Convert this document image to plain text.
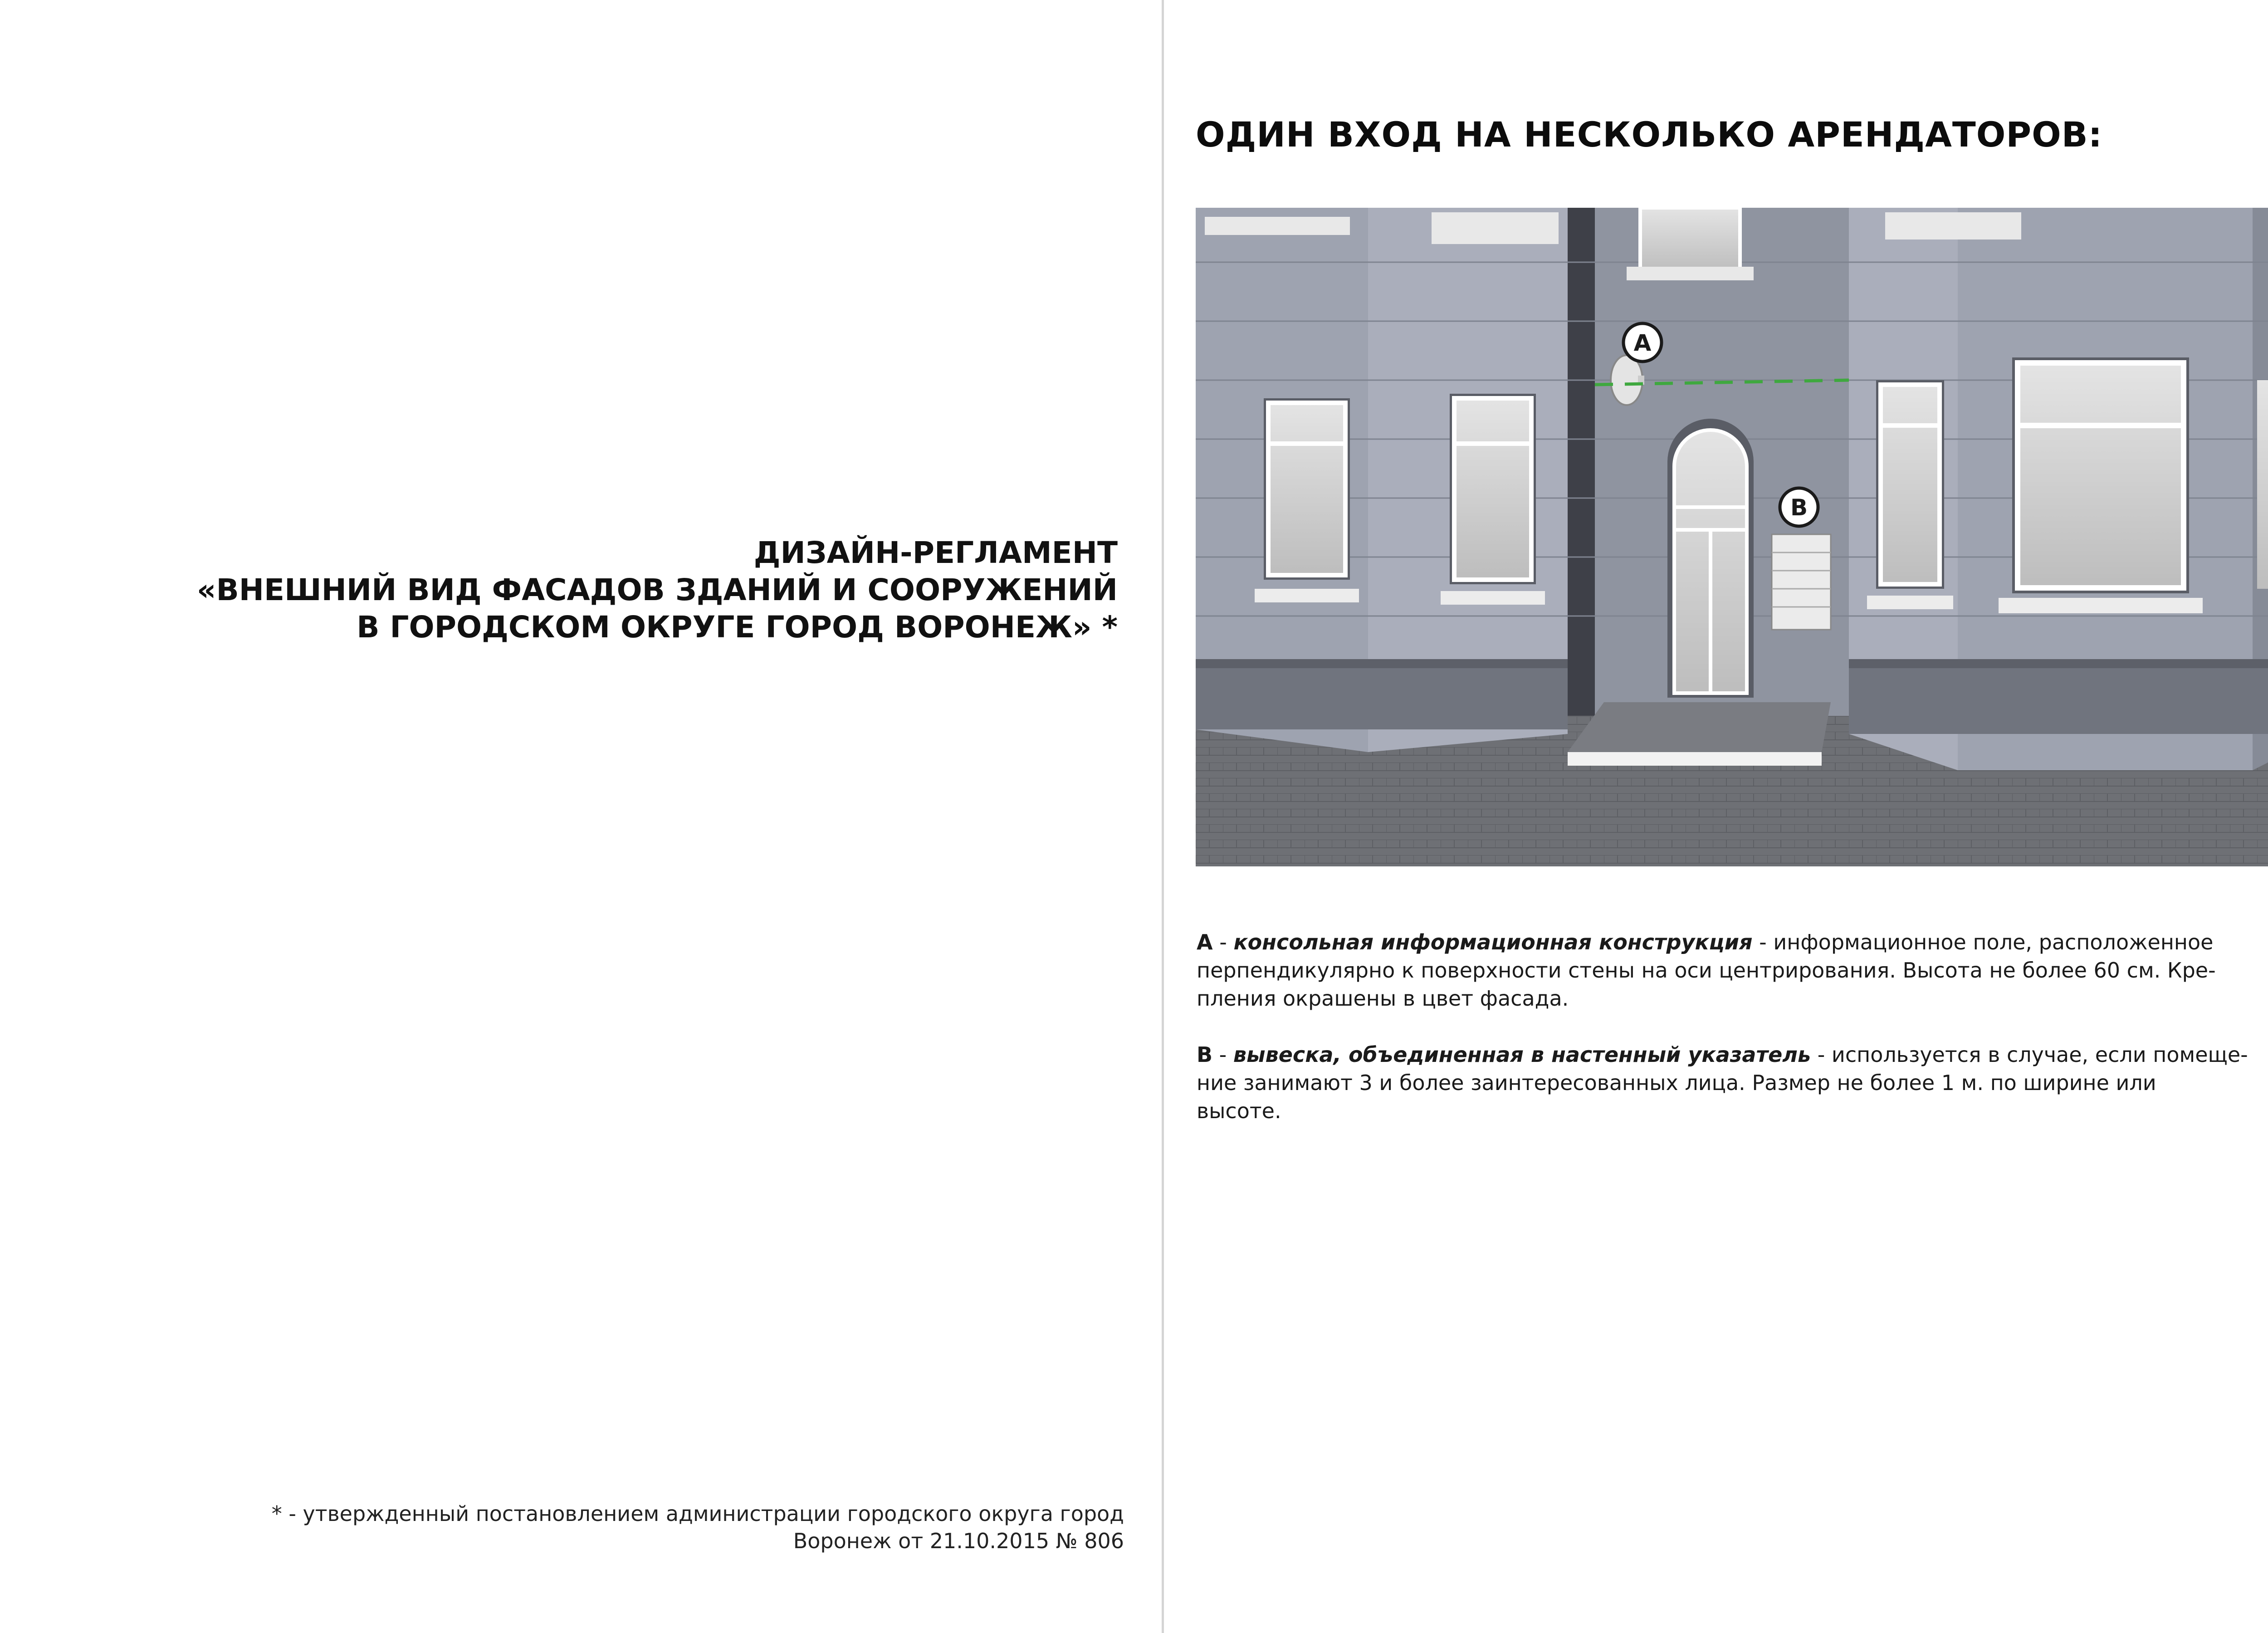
ДИЗАЙН-РЕГЛАМЕНТ
«ВНЕШНИЙ ВИД ФАСАДОВ ЗДАНИЙ И СООРУЖЕНИЙ
В ГОРОДСКОМ ОКРУГЕ ГОРОД ВОРОНЕЖ» *
* - утвержденный постановлением администрации городского округа город
Воронеж от 21.10.2015 № 806
ОДИН ВХОД НА НЕСКОЛЬКО АРЕНДАТОРОВ:
A
B

A - консольная информационная конструкция - информационное поле, расположенное
перпендикулярно к поверхности стены на оси центрирования. Высота не более 60 см. Кре-
пления окрашены в цвет фасада.

B - вывеска, объединенная в настенный указатель - используется в случае, если помеще-
ние занимают 3 и более заинтересованных лица. Размер не более 1 м. по ширине или
высоте.
